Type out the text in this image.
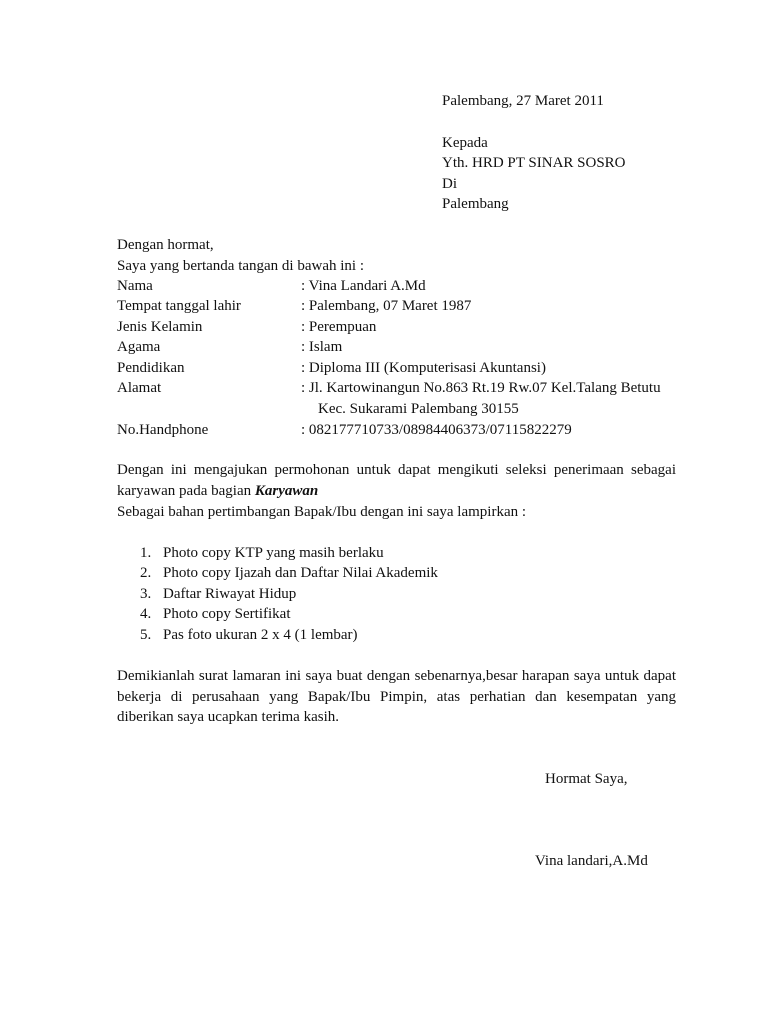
Palembang, 27 Maret 2011
Kepada
Yth. HRD PT SINAR SOSRO
Di
Palembang
Dengan hormat,
Saya yang bertanda tangan di bawah ini :
Nama	: Vina Landari A.Md
Tempat tanggal lahir	: Palembang, 07 Maret 1987
Jenis Kelamin	: Perempuan
Agama	: Islam
Pendidikan	: Diploma III (Komputerisasi Akuntansi)
Alamat	: Jl. Kartowinangun No.863 Rt.19 Rw.07 Kel.Talang Betutu
Kec. Sukarami Palembang 30155
No.Handphone	: 082177710733/08984406373/07115822279
Dengan ini mengajukan permohonan untuk dapat mengikuti seleksi penerimaan sebagai karyawan pada bagian Karyawan
Sebagai bahan pertimbangan Bapak/Ibu dengan ini saya lampirkan :
1. Photo copy KTP yang masih berlaku
2. Photo copy Ijazah dan Daftar Nilai Akademik
3. Daftar Riwayat Hidup
4. Photo copy Sertifikat
5. Pas foto ukuran 2 x 4 (1 lembar)
Demikianlah surat lamaran ini saya buat dengan sebenarnya,besar harapan saya untuk dapat bekerja di perusahaan yang Bapak/Ibu Pimpin, atas perhatian dan kesempatan yang diberikan saya ucapkan terima kasih.
Hormat Saya,
Vina landari,A.Md
